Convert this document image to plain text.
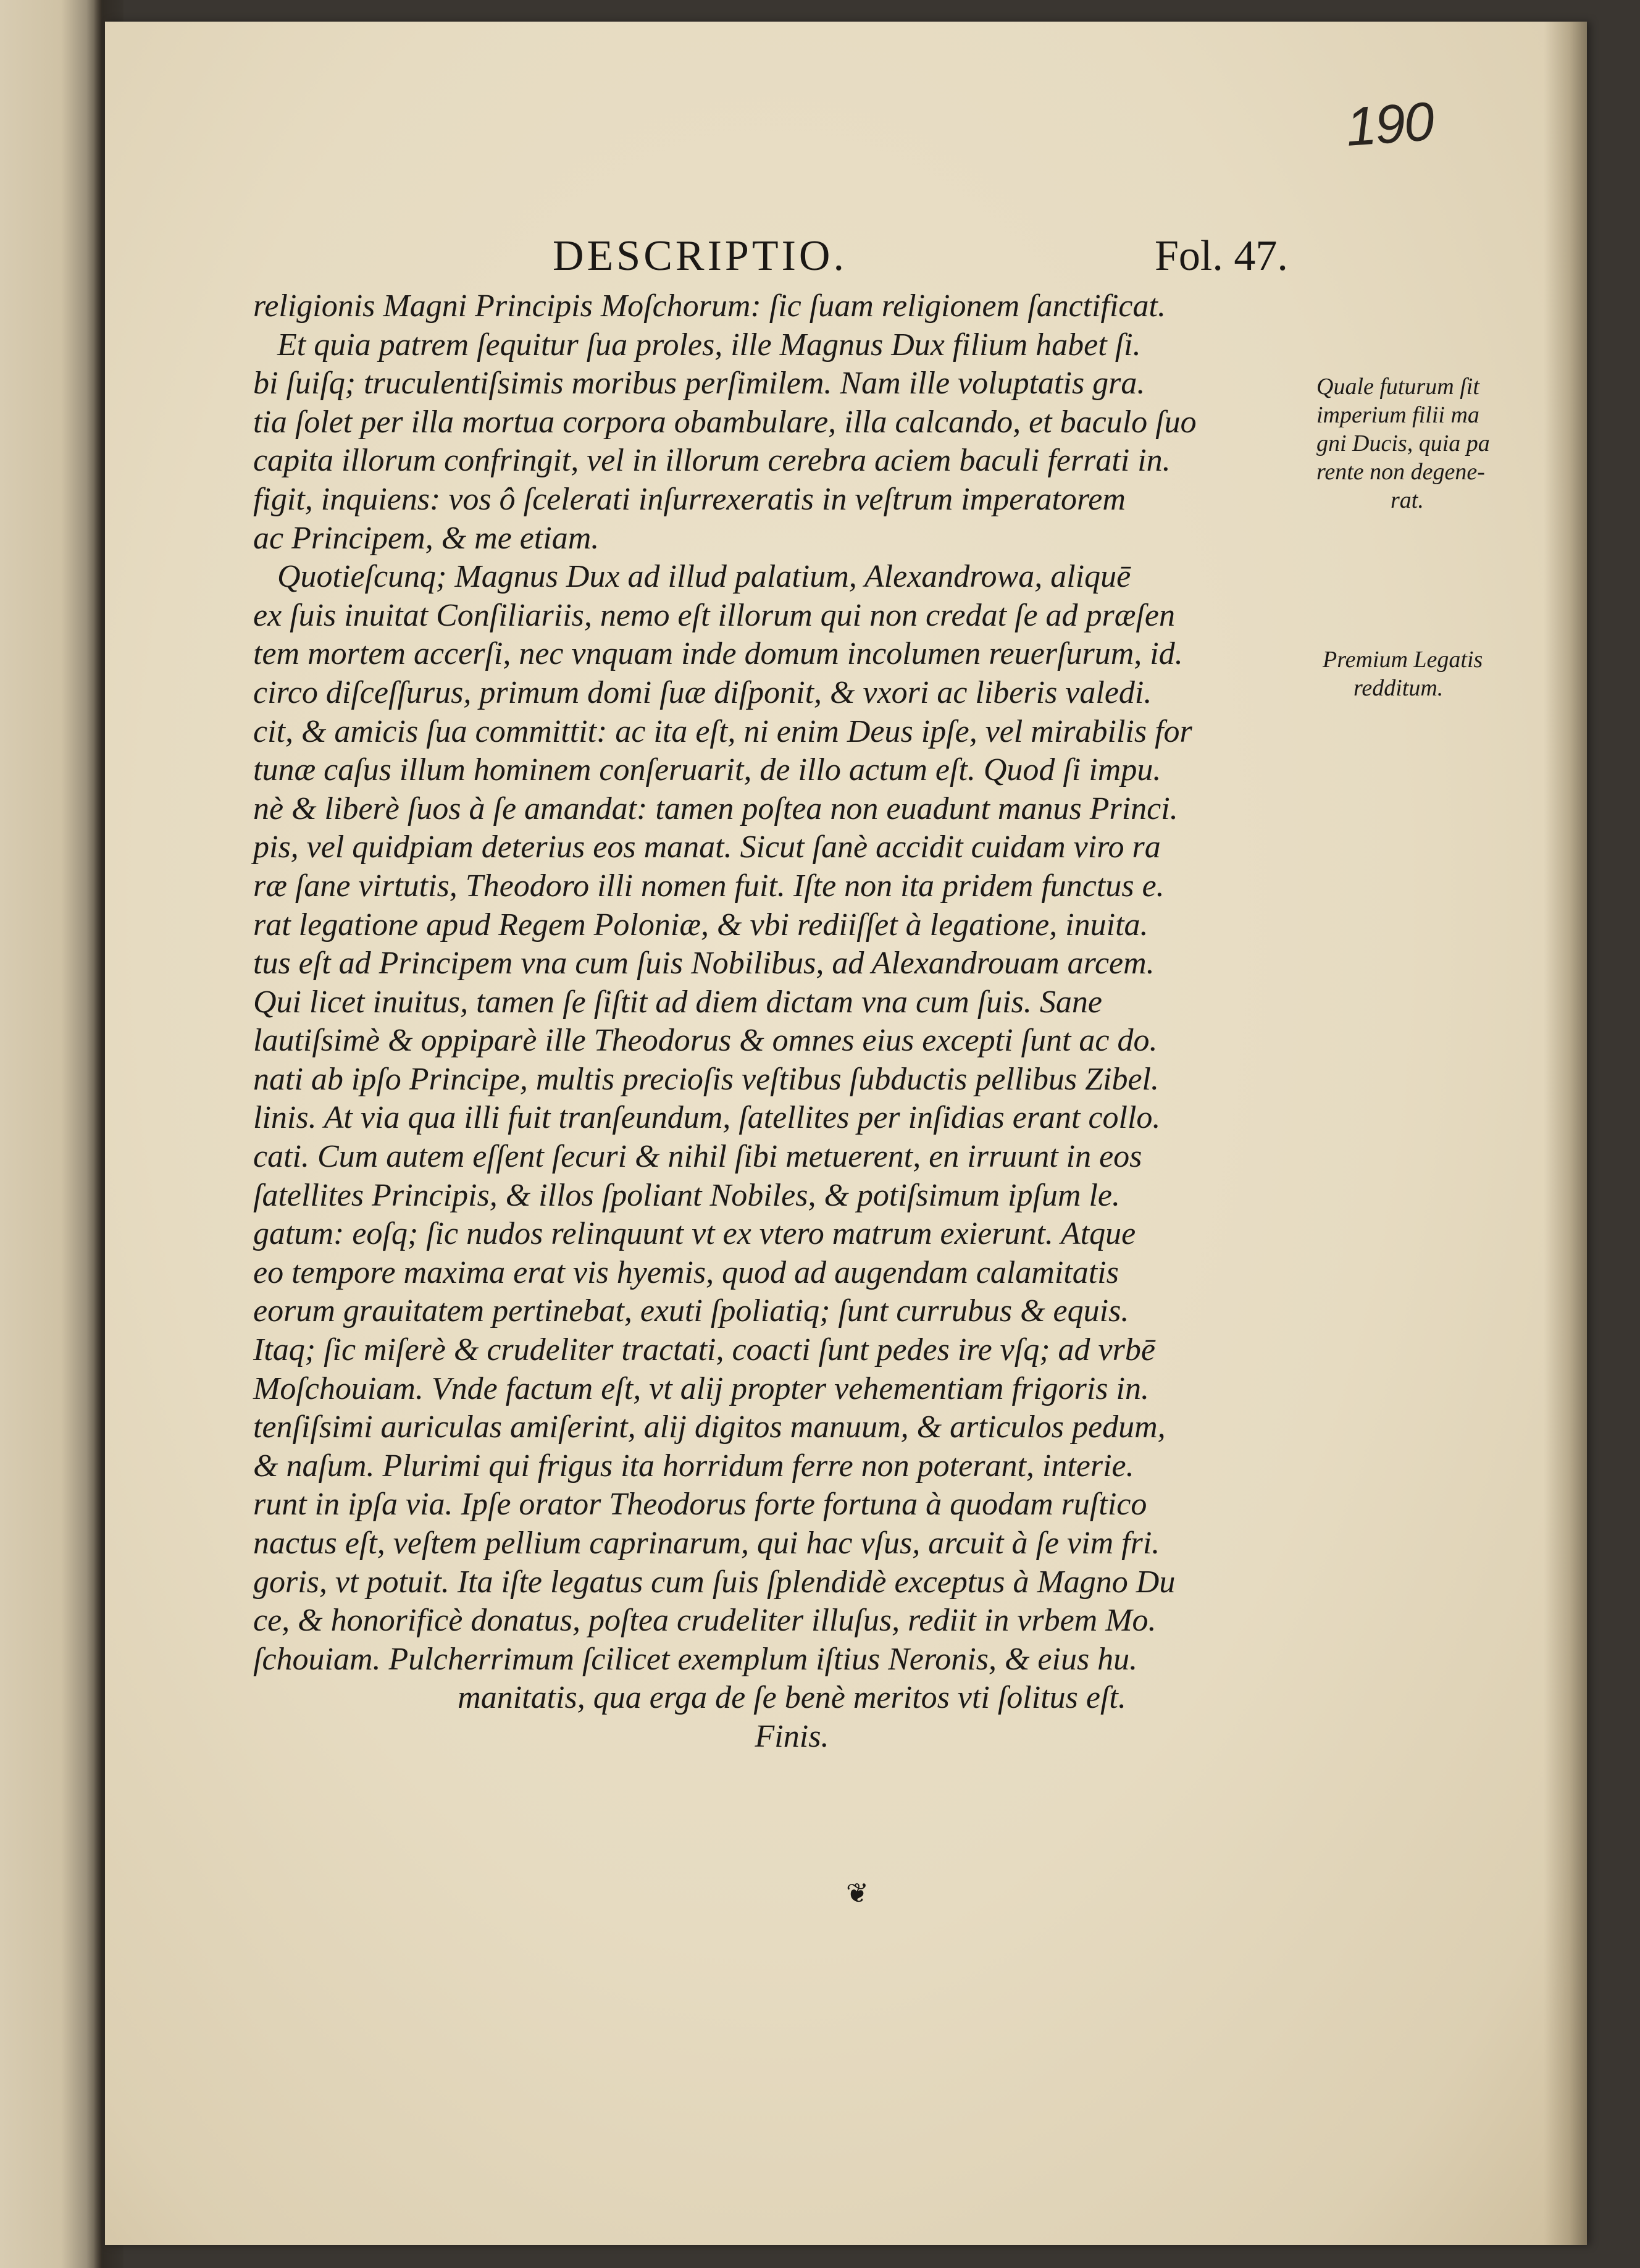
190
DESCRIPTIO.	Fol. 47.
religionis Magni Principis Moſchorum: ſic ſuam religionem ſanctificat.
Et quia patrem ſequitur ſua proles, ille Magnus Dux filium habet ſi.
bi ſuiſq; truculentiſsimis moribus perſimilem. Nam ille voluptatis gra.
tia ſolet per illa mortua corpora obambulare, illa calcando, et baculo ſuo
capita illorum confringit, vel in illorum cerebra aciem baculi ferrati in.
figit, inquiens: vos ô ſcelerati inſurrexeratis in veſtrum imperatorem
ac Principem, & me etiam.
Quotieſcunq; Magnus Dux ad illud palatium, Alexandrowa, aliquē
ex ſuis inuitat Conſiliariis, nemo eſt illorum qui non credat ſe ad præſen
tem mortem accerſi, nec vnquam inde domum incolumen reuerſurum, id.
circo diſceſſurus, primum domi ſuæ diſponit, & vxori ac liberis valedi.
cit, & amicis ſua committit: ac ita eſt, ni enim Deus ipſe, vel mirabilis for
tunæ caſus illum hominem conſeruarit, de illo actum eſt. Quod ſi impu.
nè & liberè ſuos à ſe amandat: tamen poſtea non euadunt manus Princi.
pis, vel quidpiam deterius eos manat. Sicut ſanè accidit cuidam viro ra
ræ ſane virtutis, Theodoro illi nomen fuit. Iſte non ita pridem functus e.
rat legatione apud Regem Poloniæ, & vbi rediiſſet à legatione, inuita.
tus eſt ad Principem vna cum ſuis Nobilibus, ad Alexandrouam arcem.
Qui licet inuitus, tamen ſe ſiſtit ad diem dictam vna cum ſuis. Sane
lautiſsimè & oppiparè ille Theodorus & omnes eius excepti ſunt ac do.
nati ab ipſo Principe, multis precioſis veſtibus ſubductis pellibus Zibel.
linis. At via qua illi fuit tranſeundum, ſatellites per inſidias erant collo.
cati. Cum autem eſſent ſecuri & nihil ſibi metuerent, en irruunt in eos
ſatellites Principis, & illos ſpoliant Nobiles, & potiſsimum ipſum le.
gatum: eoſq; ſic nudos relinquunt vt ex vtero matrum exierunt. Atque
eo tempore maxima erat vis hyemis, quod ad augendam calamitatis
eorum grauitatem pertinebat, exuti ſpoliatiq; ſunt currubus & equis.
Itaq; ſic miſerè & crudeliter tractati, coacti ſunt pedes ire vſq; ad vrbē
Moſchouiam. Vnde factum eſt, vt alij propter vehementiam frigoris in.
tenſiſsimi auriculas amiſerint, alij digitos manuum, & articulos pedum,
& naſum. Plurimi qui frigus ita horridum ferre non poterant, interie.
runt in ipſa via. Ipſe orator Theodorus forte fortuna à quodam ruſtico
nactus eſt, veſtem pellium caprinarum, qui hac vſus, arcuit à ſe vim fri.
goris, vt potuit. Ita iſte legatus cum ſuis ſplendidè exceptus à Magno Du
ce, & honorificè donatus, poſtea crudeliter illuſus, rediit in vrbem Mo.
ſchouiam. Pulcherrimum ſcilicet exemplum iſtius Neronis, & eius hu.
manitatis, qua erga de ſe benè meritos vti ſolitus eſt.
Finis.
❦
Quale futurum ſit
imperium filii ma
gni Ducis, quia pa
rente non degene-
rat.
Premium Legatis
redditum.
